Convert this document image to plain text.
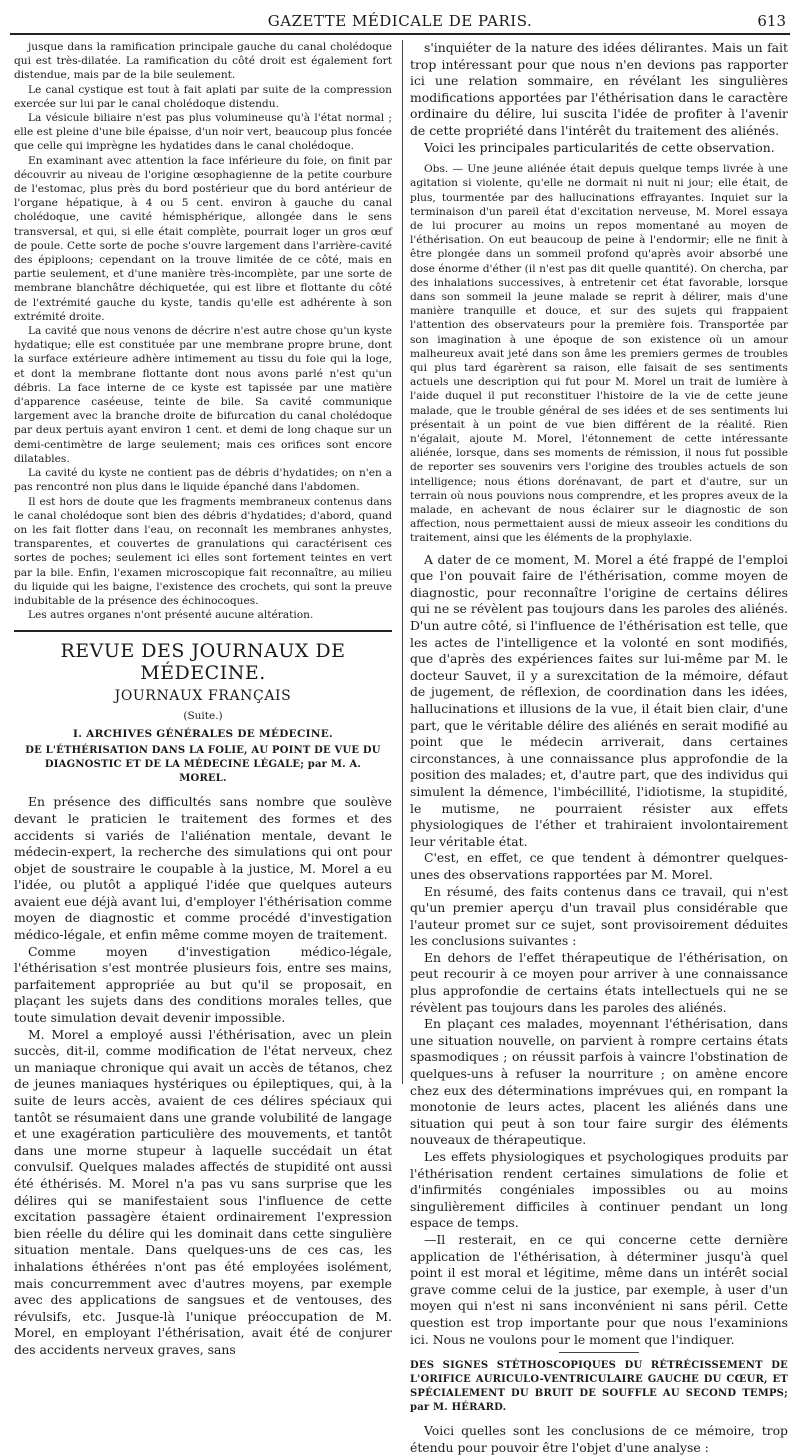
GAZETTE MÉDICALE DE PARIS.	613

jusque dans la ramification principale gauche du canal cholédoque qui est très-dilatée. La ramification du côté droit est également fort distendue, mais par de la bile seulement.

Le canal cystique est tout à fait aplati par suite de la compression exercée sur lui par le canal cholédoque distendu.

La vésicule biliaire n'est pas plus volumineuse qu'à l'état normal ; elle est pleine d'une bile épaisse, d'un noir vert, beaucoup plus foncée que celle qui imprègne les hydatides dans le canal cholédoque.

En examinant avec attention la face inférieure du foie, on finit par découvrir au niveau de l'origine œsophagienne de la petite courbure de l'estomac, plus près du bord postérieur que du bord antérieur de l'organe hépatique, à 4 ou 5 cent. environ à gauche du canal cholédoque, une cavité hémisphérique, allongée dans le sens transversal, et qui, si elle était complète, pourrait loger un gros œuf de poule. Cette sorte de poche s'ouvre largement dans l'arrière-cavité des épiploons; cependant on la trouve limitée de ce côté, mais en partie seulement, et d'une manière très-incomplète, par une sorte de membrane blanchâtre déchiquetée, qui est libre et flottante du côté de l'extrémité gauche du kyste, tandis qu'elle est adhérente à son extrémité droite.

La cavité que nous venons de décrire n'est autre chose qu'un kyste hydatique; elle est constituée par une membrane propre brune, dont la surface extérieure adhère intimement au tissu du foie qui la loge, et dont la membrane flottante dont nous avons parlé n'est qu'un débris. La face interne de ce kyste est tapissée par une matière d'apparence caséeuse, teinte de bile. Sa cavité communique largement avec la branche droite de bifurcation du canal cholédoque par deux pertuis ayant environ 1 cent. et demi de long chaque sur un demi-centimètre de large seulement; mais ces orifices sont encore dilatables.

La cavité du kyste ne contient pas de débris d'hydatides; on n'en a pas rencontré non plus dans le liquide épanché dans l'abdomen.

Il est hors de doute que les fragments membraneux contenus dans le canal cholédoque sont bien des débris d'hydatides; d'abord, quand on les fait flotter dans l'eau, on reconnaît les membranes anhystes, transparentes, et couvertes de granulations qui caractérisent ces sortes de poches; seulement ici elles sont fortement teintes en vert par la bile. Enfin, l'examen microscopique fait reconnaître, au milieu du liquide qui les baigne, l'existence des crochets, qui sont la preuve indubitable de la présence des échinocoques.

Les autres organes n'ont présenté aucune altération.

REVUE DES JOURNAUX DE MÉDECINE.
JOURNAUX FRANÇAIS
(Suite.)
I. ARCHIVES GÉNÉRALES DE MÉDECINE.
DE L'ÉTHÉRISATION DANS LA FOLIE, AU POINT DE VUE DU DIAGNOSTIC ET DE LA MÉDECINE LÉGALE; par M. A. MOREL.

En présence des difficultés sans nombre que soulève devant le praticien le traitement des formes et des accidents si variés de l'aliénation mentale, devant le médecin-expert, la recherche des simulations qui ont pour objet de soustraire le coupable à la justice, M. Morel a eu l'idée, ou plutôt a appliqué l'idée que quelques auteurs avaient eue déjà avant lui, d'employer l'éthérisation comme moyen de diagnostic et comme procédé d'investigation médico-légale, et enfin même comme moyen de traitement.

Comme moyen d'investigation médico-légale, l'éthérisation s'est montrée plusieurs fois, entre ses mains, parfaitement appropriée au but qu'il se proposait, en plaçant les sujets dans des conditions morales telles, que toute simulation devait devenir impossible.

M. Morel a employé aussi l'éthérisation, avec un plein succès, dit-il, comme modification de l'état nerveux, chez un maniaque chronique qui avait un accès de tétanos, chez de jeunes maniaques hystériques ou épileptiques, qui, à la suite de leurs accès, avaient de ces délires spéciaux qui tantôt se résumaient dans une grande volubilité de langage et une exagération particulière des mouvements, et tantôt dans une morne stupeur à laquelle succédait un état convulsif. Quelques malades affectés de stupidité ont aussi été éthérisés. M. Morel n'a pas vu sans surprise que les délires qui se manifestaient sous l'influence de cette excitation passagère étaient ordinairement l'expression bien réelle du délire qui les dominait dans cette singulière situation mentale. Dans quelques-uns de ces cas, les inhalations éthérées n'ont pas été employées isolément, mais concurremment avec d'autres moyens, par exemple avec des applications de sangsues et de ventouses, des révulsifs, etc. Jusque-là l'unique préoccupation de M. Morel, en employant l'éthérisation, avait été de conjurer des accidents nerveux graves, sans

s'inquiéter de la nature des idées délirantes. Mais un fait trop intéressant pour que nous n'en devions pas rapporter ici une relation sommaire, en révélant les singulières modifications apportées par l'éthérisation dans le caractère ordinaire du délire, lui suscita l'idée de profiter à l'avenir de cette propriété dans l'intérêt du traitement des aliénés.

Voici les principales particularités de cette observation.

Obs. — Une jeune aliénée était depuis quelque temps livrée à une agitation si violente, qu'elle ne dormait ni nuit ni jour; elle était, de plus, tourmentée par des hallucinations effrayantes. Inquiet sur la terminaison d'un pareil état d'excitation nerveuse, M. Morel essaya de lui procurer au moins un repos momentané au moyen de l'éthérisation. On eut beaucoup de peine à l'endormir; elle ne finit à être plongée dans un sommeil profond qu'après avoir absorbé une dose énorme d'éther (il n'est pas dit quelle quantité). On chercha, par des inhalations successives, à entretenir cet état favorable, lorsque dans son sommeil la jeune malade se reprit à délirer, mais d'une manière tranquille et douce, et sur des sujets qui frappaient l'attention des observateurs pour la première fois. Transportée par son imagination à une époque de son existence où un amour malheureux avait jeté dans son âme les premiers germes de troubles qui plus tard égarèrent sa raison, elle faisait de ses sentiments actuels une description qui fut pour M. Morel un trait de lumière à l'aide duquel il put reconstituer l'histoire de la vie de cette jeune malade, que le trouble général de ses idées et de ses sentiments lui présentait à un point de vue bien différent de la réalité. Rien n'égalait, ajoute M. Morel, l'étonnement de cette intéressante aliénée, lorsque, dans ses moments de rémission, il nous fut possible de reporter ses souvenirs vers l'origine des troubles actuels de son intelligence; nous étions dorénavant, de part et d'autre, sur un terrain où nous pouvions nous comprendre, et les propres aveux de la malade, en achevant de nous éclairer sur le diagnostic de son affection, nous permettaient aussi de mieux asseoir les conditions du traitement, ainsi que les éléments de la prophylaxie.

A dater de ce moment, M. Morel a été frappé de l'emploi que l'on pouvait faire de l'éthérisation, comme moyen de diagnostic, pour reconnaître l'origine de certains délires qui ne se révèlent pas toujours dans les paroles des aliénés. D'un autre côté, si l'influence de l'éthérisation est telle, que les actes de l'intelligence et la volonté en sont modifiés, que d'après des expériences faites sur lui-même par M. le docteur Sauvet, il y a surexcitation de la mémoire, défaut de jugement, de réflexion, de coordination dans les idées, hallucinations et illusions de la vue, il était bien clair, d'une part, que le véritable délire des aliénés en serait modifié au point que le médecin arriverait, dans certaines circonstances, à une connaissance plus approfondie de la position des malades; et, d'autre part, que des individus qui simulent la démence, l'imbécillité, l'idiotisme, la stupidité, le mutisme, ne pourraient résister aux effets physiologiques de l'éther et trahiraient involontairement leur véritable état.

C'est, en effet, ce que tendent à démontrer quelques-unes des observations rapportées par M. Morel.

En résumé, des faits contenus dans ce travail, qui n'est qu'un premier aperçu d'un travail plus considérable que l'auteur promet sur ce sujet, sont provisoirement déduites les conclusions suivantes :

En dehors de l'effet thérapeutique de l'éthérisation, on peut recourir à ce moyen pour arriver à une connaissance plus approfondie de certains états intellectuels qui ne se révèlent pas toujours dans les paroles des aliénés.

En plaçant ces malades, moyennant l'éthérisation, dans une situation nouvelle, on parvient à rompre certains états spasmodiques ; on réussit parfois à vaincre l'obstination de quelques-uns à refuser la nourriture ; on amène encore chez eux des déterminations imprévues qui, en rompant la monotonie de leurs actes, placent les aliénés dans une situation qui peut à son tour faire surgir des éléments nouveaux de thérapeutique.

Les effets physiologiques et psychologiques produits par l'éthérisation rendent certaines simulations de folie et d'infirmités congéniales impossibles ou au moins singulièrement difficiles à continuer pendant un long espace de temps.

—Il resterait, en ce qui concerne cette dernière application de l'éthérisation, à déterminer jusqu'à quel point il est moral et légitime, même dans un intérêt social grave comme celui de la justice, par exemple, à user d'un moyen qui n'est ni sans inconvénient ni sans péril. Cette question est trop importante pour que nous l'examinions ici. Nous ne voulons pour le moment que l'indiquer.

DES SIGNES STÉTHOSCOPIQUES DU RÉTRÉCISSEMENT DE L'ORIFICE AURICULO-VENTRICULAIRE GAUCHE DU CŒUR, ET SPÉCIALEMENT DU BRUIT DE SOUFFLE AU SECOND TEMPS; par M. HÉRARD.

Voici quelles sont les conclusions de ce mémoire, trop étendu pour pouvoir être l'objet d'une analyse :
